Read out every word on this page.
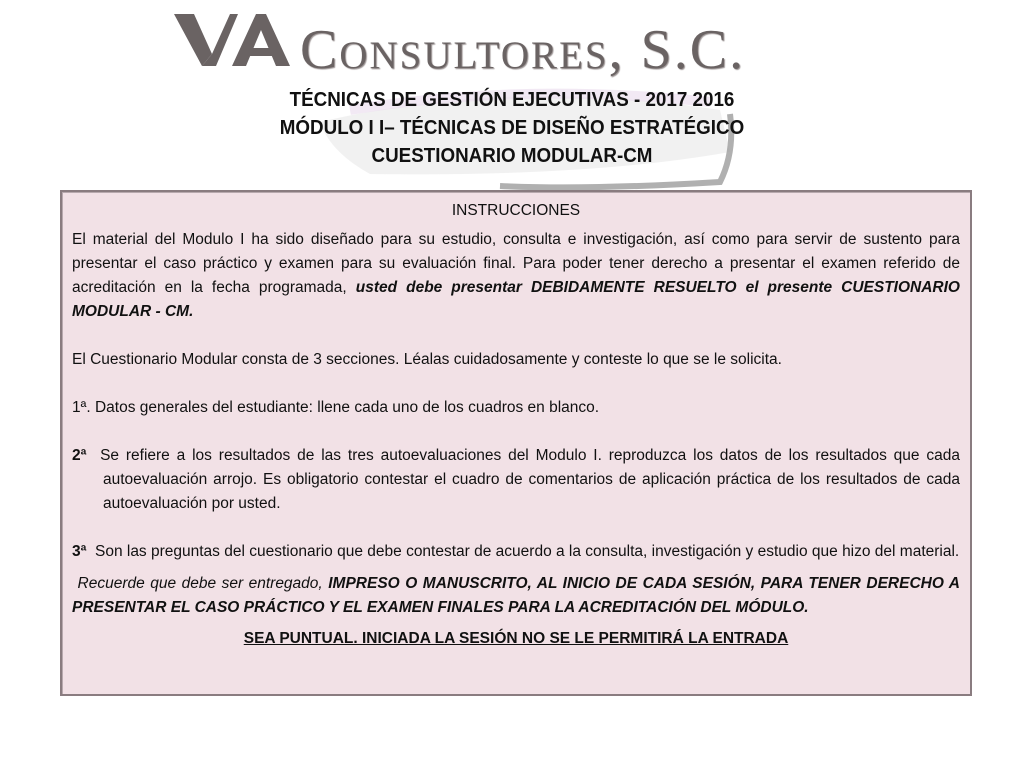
Consultores, S.C.
TÉCNICAS DE GESTIÓN EJECUTIVAS - 2017 2016
MÓDULO I I– TÉCNICAS DE DISEÑO ESTRATÉGICO
CUESTIONARIO MODULAR-CM
INSTRUCCIONES

El material del Modulo I ha sido diseñado para su estudio, consulta e investigación, así como para servir de sustento para presentar el caso práctico y examen para su evaluación final. Para poder tener derecho a presentar el examen referido de acreditación en la fecha programada, usted debe presentar DEBIDAMENTE RESUELTO el presente CUESTIONARIO MODULAR - CM.

El Cuestionario Modular consta de 3 secciones. Léalas cuidadosamente y conteste lo que se le solicita.

1ª. Datos generales del estudiante: llene cada uno de los cuadros en blanco.

2ª Se refiere a los resultados de las tres autoevaluaciones del Modulo I. reproduzca los datos de los resultados que cada autoevaluación arrojo. Es obligatorio contestar el cuadro de comentarios de aplicación práctica de los resultados de cada autoevaluación por usted.

3ª Son las preguntas del cuestionario que debe contestar de acuerdo a la consulta, investigación y estudio que hizo del material.

Recuerde que debe ser entregado, IMPRESO O MANUSCRITO, AL INICIO DE CADA SESIÓN, PARA TENER DERECHO A PRESENTAR EL CASO PRÁCTICO Y EL EXAMEN FINALES PARA LA ACREDITACIÓN DEL MÓDULO.

SEA PUNTUAL. INICIADA LA SESIÓN NO SE LE PERMITIRÁ LA ENTRADA
